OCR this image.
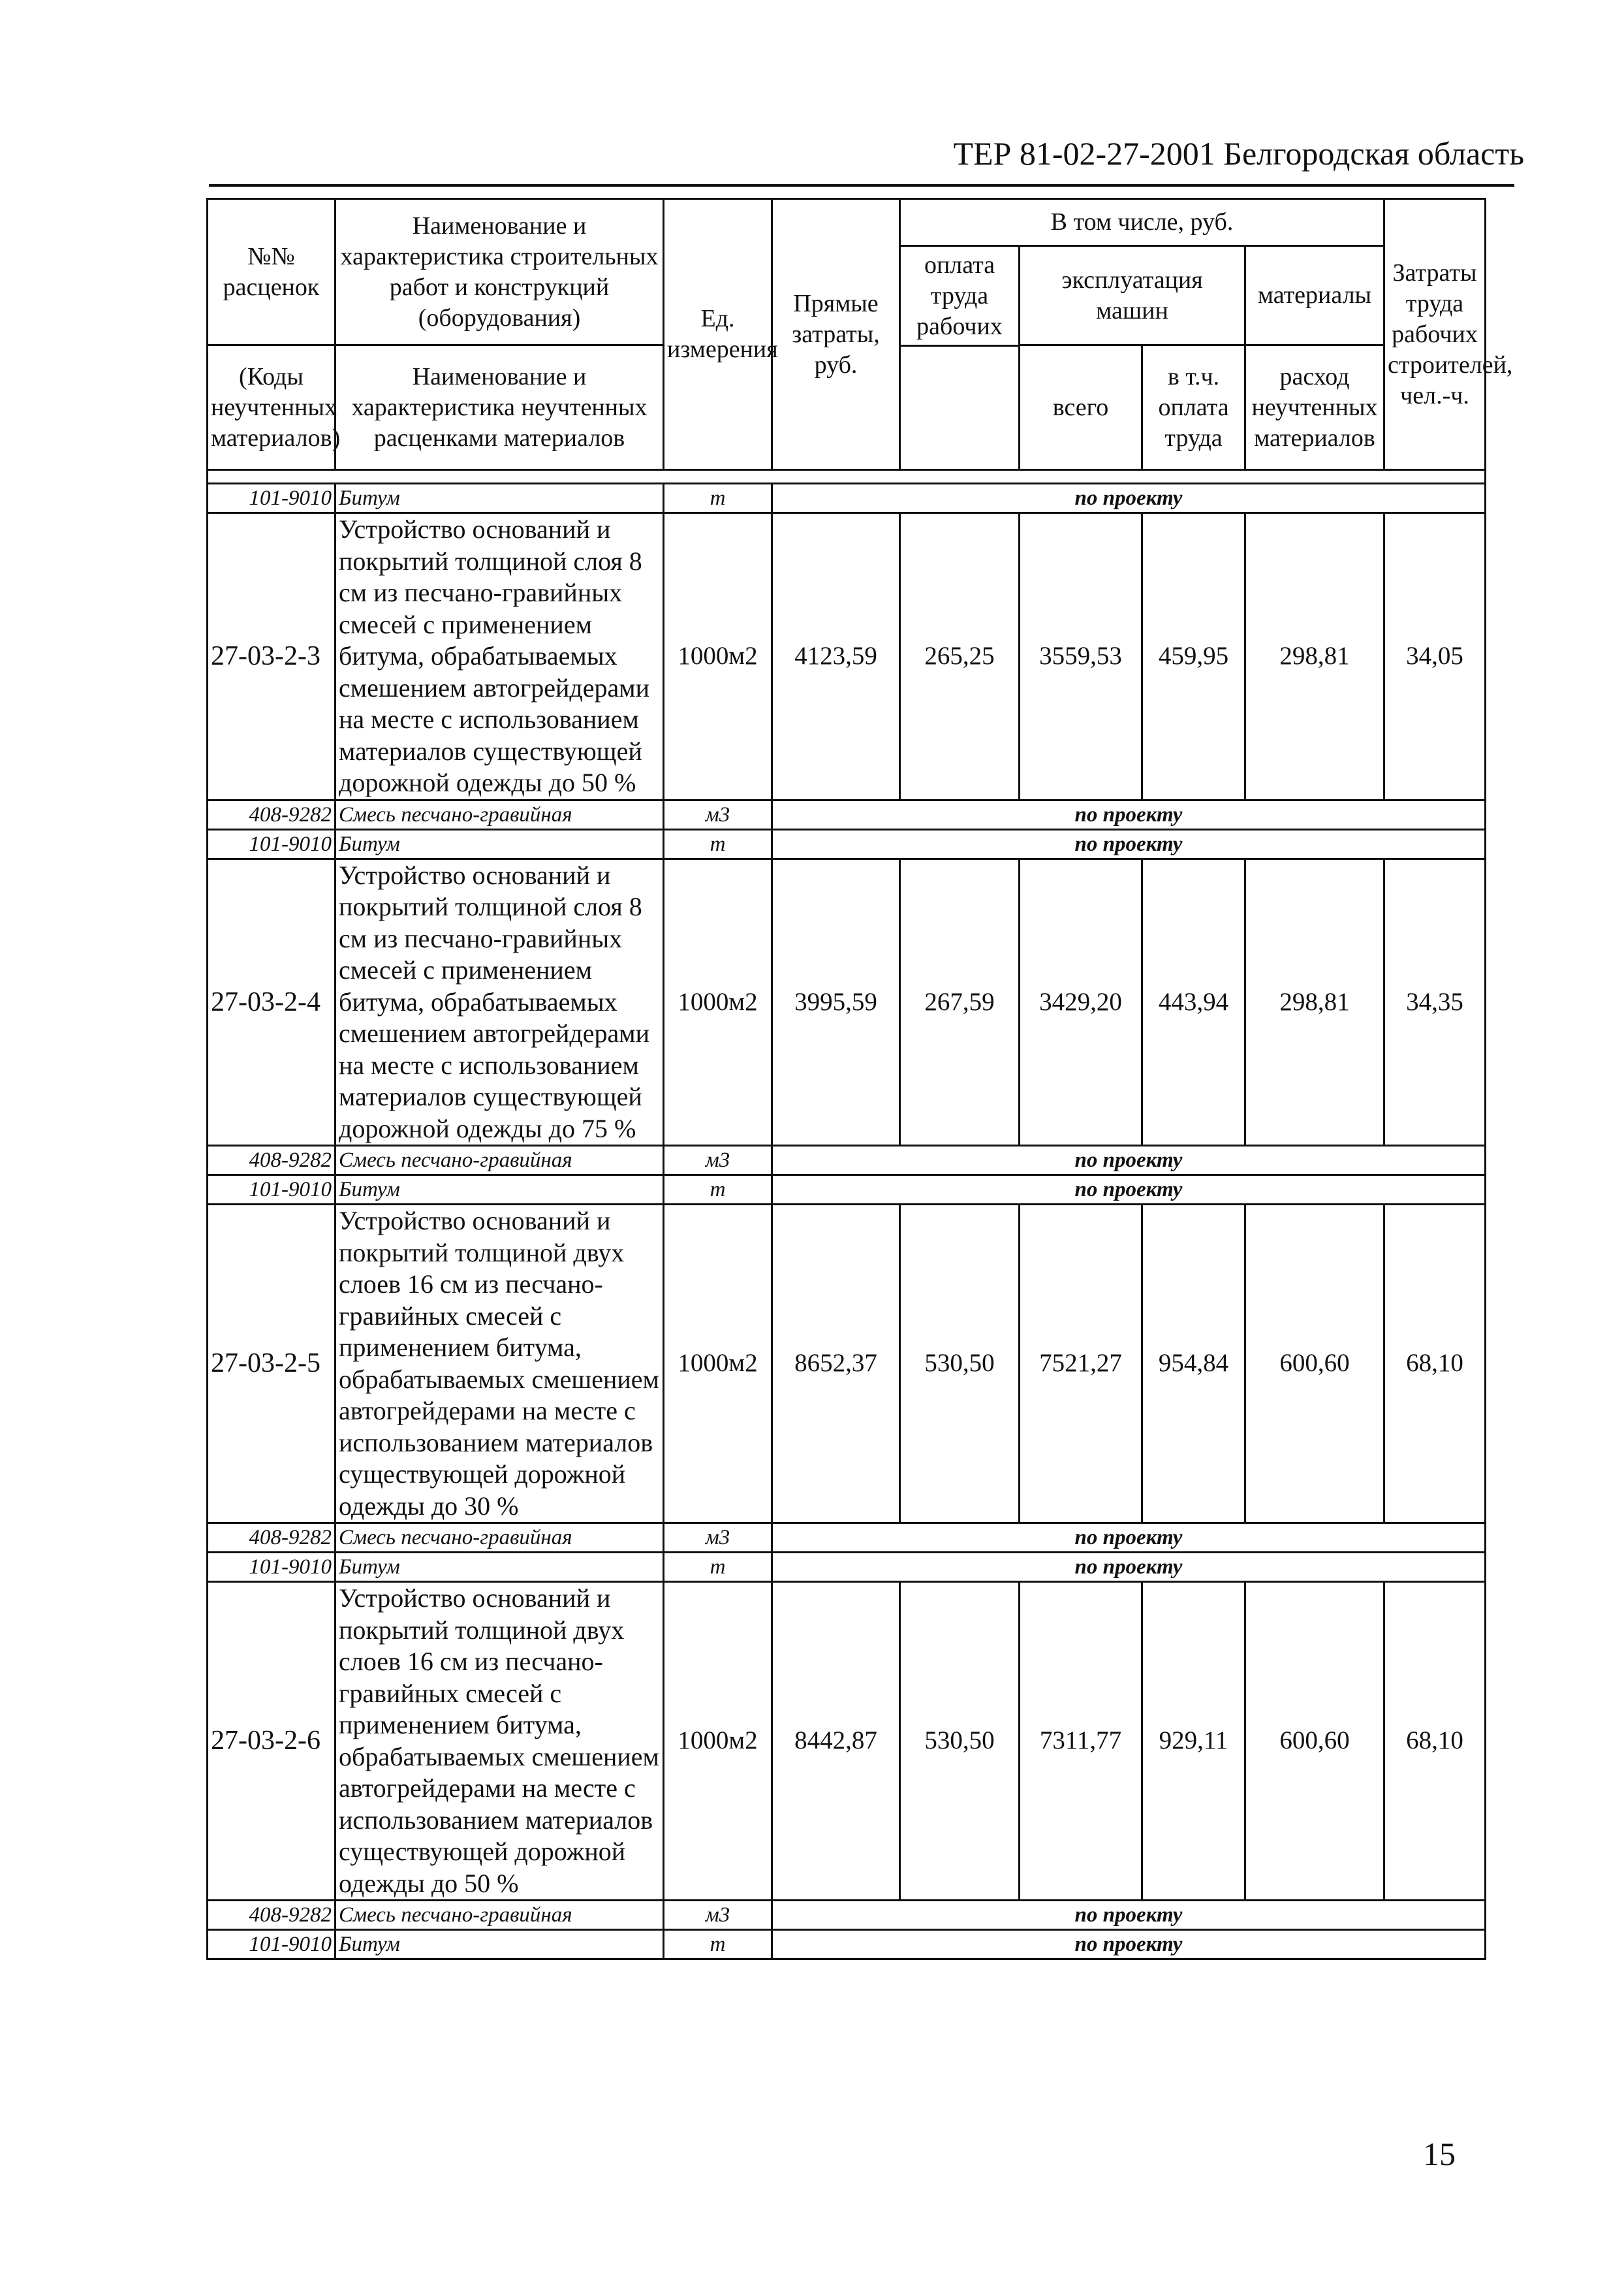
ТЕР 81-02-27-2001 Белгородская область
№№ расценок	Наименование и характеристика строительных работ и конструкций (оборудования)	Ед. измерения	Прямые затраты, руб.	В том числе, руб.				Затраты труда рабочих строителей, чел.-ч.
				оплата труда рабочих	эксплуатация машин		материалы	
(Коды неучтенных материалов)	Наименование и характеристика неучтенных расценками материалов				всего	в т.ч. оплата труда	расход неучтенных материалов	

101-9010	Битум	т	по проекту					
27-03-2-3	Устройство оснований и покрытий толщиной слоя 8 см из песчано-гравийных смесей с применением битума, обрабатываемых смешением автогрейдерами на месте с использованием материалов существующей дорожной одежды до 50 %	1000м2	4123,59	265,25	3559,53	459,95	298,81	34,05
408-9282	Смесь песчано-гравийная	м3	по проекту					
101-9010	Битум	т	по проекту					
27-03-2-4	Устройство оснований и покрытий толщиной слоя 8 см из песчано-гравийных смесей с применением битума, обрабатываемых смешением автогрейдерами на месте с использованием материалов существующей дорожной одежды до 75 %	1000м2	3995,59	267,59	3429,20	443,94	298,81	34,35
408-9282	Смесь песчано-гравийная	м3	по проекту					
101-9010	Битум	т	по проекту					
27-03-2-5	Устройство оснований и покрытий толщиной двух слоев 16 см из песчано-гравийных смесей с применением битума, обрабатываемых смешением автогрейдерами на месте с использованием материалов существующей дорожной одежды до 30 %	1000м2	8652,37	530,50	7521,27	954,84	600,60	68,10
408-9282	Смесь песчано-гравийная	м3	по проекту					
101-9010	Битум	т	по проекту					
27-03-2-6	Устройство оснований и покрытий толщиной двух слоев 16 см из песчано-гравийных смесей с применением битума, обрабатываемых смешением автогрейдерами на месте с использованием материалов существующей дорожной одежды до 50 %	1000м2	8442,87	530,50	7311,77	929,11	600,60	68,10
408-9282	Смесь песчано-гравийная	м3	по проекту					
101-9010	Битум	т	по проекту					
15
